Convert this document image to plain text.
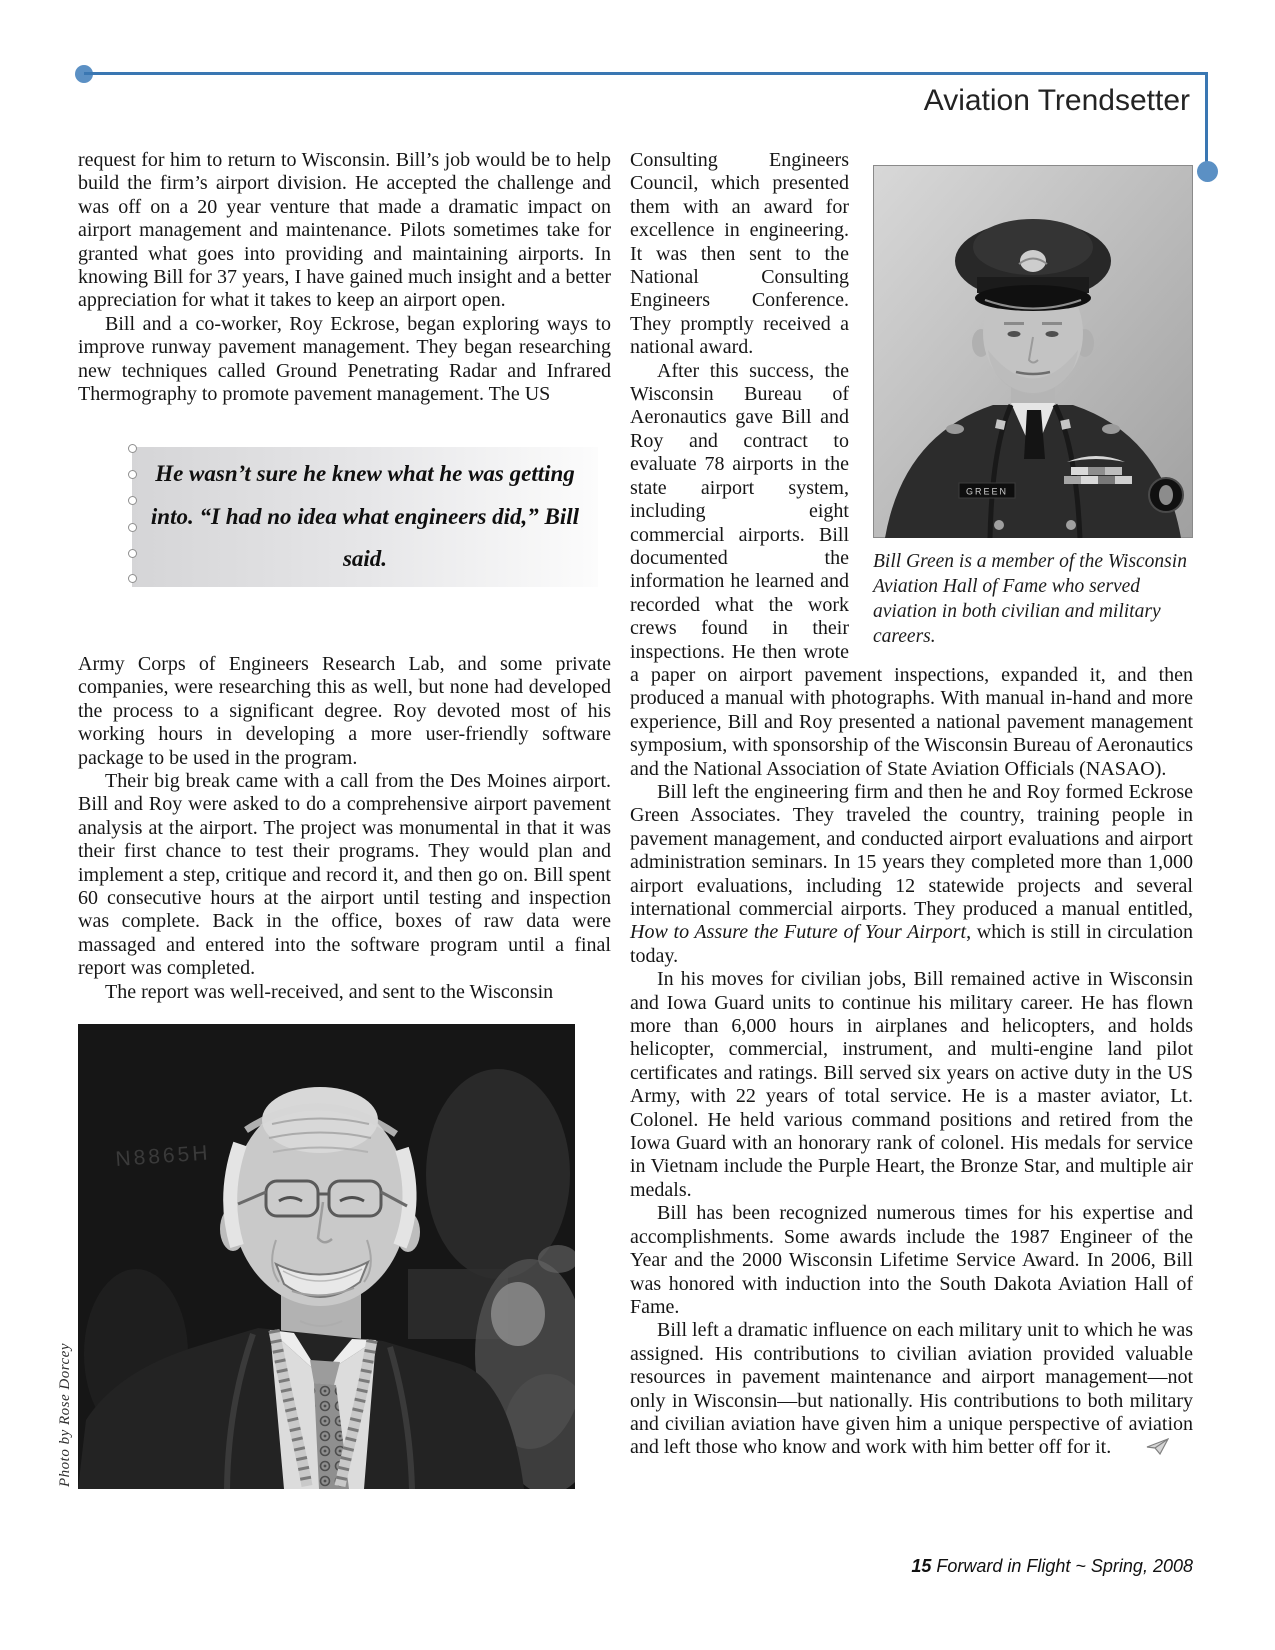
Aviation Trendsetter

request for him to return to Wisconsin. Bill’s job would be to help build the firm’s airport division. He accepted the challenge and was off on a 20 year venture that made a dramatic impact on airport management and maintenance. Pilots sometimes take for granted what goes into providing and maintaining airports. In knowing Bill for 37 years, I have gained much insight and a better appreciation for what it takes to keep an airport open.

Bill and a co-worker, Roy Eckrose, began exploring ways to improve runway pavement management. They began researching new techniques called Ground Penetrating Radar and Infrared Thermography to promote pavement management. The US

He wasn’t sure he knew what he was getting into. “I had no idea what engineers did,” Bill said.

Army Corps of Engineers Research Lab, and some private companies, were researching this as well, but none had developed the process to a significant degree. Roy devoted most of his working hours in developing a more user-friendly software package to be used in the program.

Their big break came with a call from the Des Moines airport. Bill and Roy were asked to do a comprehensive airport pavement analysis at the airport. The project was monumental in that it was their first chance to test their programs. They would plan and implement a step, critique and record it, and then go on. Bill spent 60 consecutive hours at the airport until testing and inspection was complete. Back in the office, boxes of raw data were massaged and entered into the software program until a final report was completed.

The report was well-received, and sent to the Wisconsin

N8865H
Photo by Rose Dorcey
GREEN
Bill Green is a member of the Wisconsin Aviation Hall of Fame who served aviation in both civilian and military careers.

Consulting Engineers Council, which presented them with an award for excellence in engineering. It was then sent to the National Consulting Engineers Conference. They promptly received a national award.

After this success, the Wisconsin Bureau of Aeronautics gave Bill and Roy and contract to evaluate 78 airports in the state airport system, including eight commercial airports. Bill documented the information he learned and recorded what the work crews found in their inspections. He then wrote a paper on airport pavement inspections, expanded it, and then produced a manual with photographs. With manual in-hand and more experience, Bill and Roy presented a national pavement management symposium, with sponsorship of the Wisconsin Bureau of Aeronautics and the National Association of State Aviation Officials (NASAO).

Bill left the engineering firm and then he and Roy formed Eckrose Green Associates. They traveled the country, training people in pavement management, and conducted airport evaluations and airport administration seminars. In 15 years they completed more than 1,000 airport evaluations, including 12 statewide projects and several international commercial airports. They produced a manual entitled, How to Assure the Future of Your Airport, which is still in circulation today.

In his moves for civilian jobs, Bill remained active in Wisconsin and Iowa Guard units to continue his military career. He has flown more than 6,000 hours in airplanes and helicopters, and holds helicopter, commercial, instrument, and multi-engine land pilot certificates and ratings. Bill served six years on active duty in the US Army, with 22 years of total service. He is a master aviator, Lt. Colonel. He held various command positions and retired from the Iowa Guard with an honorary rank of colonel. His medals for service in Vietnam include the Purple Heart, the Bronze Star, and multiple air medals.

Bill has been recognized numerous times for his expertise and accomplishments. Some awards include the 1987 Engineer of the Year and the 2000 Wisconsin Lifetime Service Award. In 2006, Bill was honored with induction into the South Dakota Aviation Hall of Fame.

Bill left a dramatic influence on each military unit to which he was assigned. His contributions to civilian aviation provided valuable resources in pavement maintenance and airport management—not only in Wisconsin—but nationally. His contributions to both military and civilian aviation have given him a unique perspective of aviation and left those who know and work with him better off for it.

15 Forward in Flight ~ Spring, 2008
